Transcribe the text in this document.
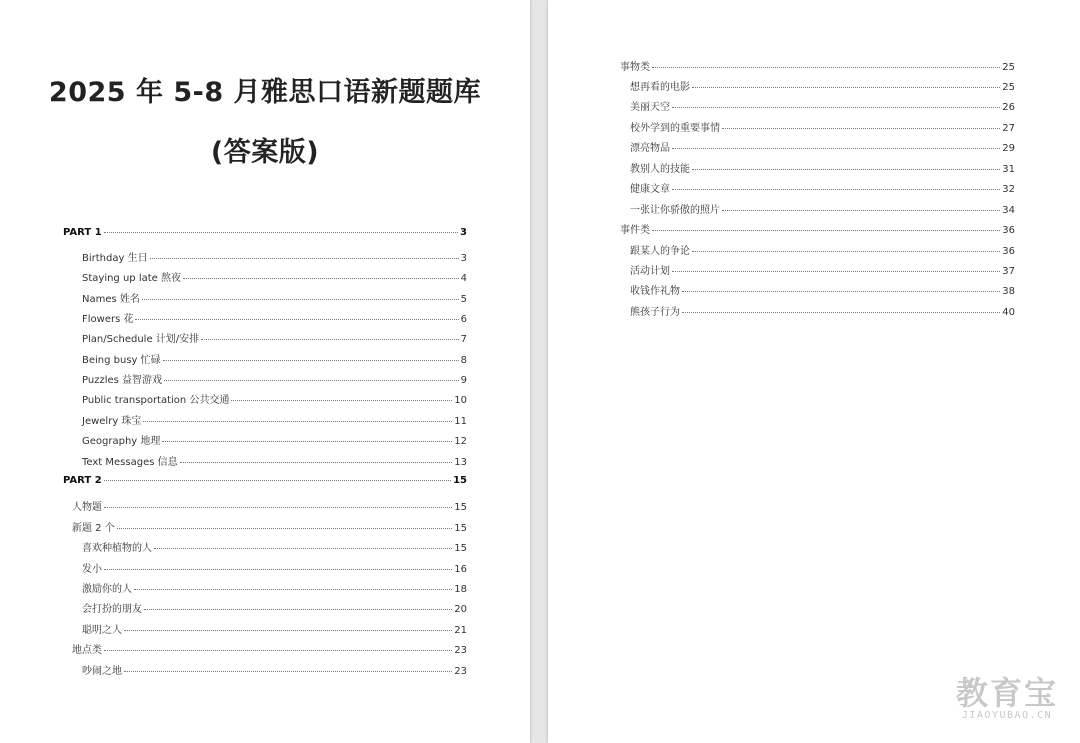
2025 年 5-8 月雅思口语新题题库
(答案版)
PART 1	3
Birthday 生日	3
Staying up late 熬夜	4
Names 姓名	5
Flowers 花	6
Plan/Schedule 计划/安排	7
Being busy 忙碌	8
Puzzles 益智游戏	9
Public transportation 公共交通	10
Jewelry 珠宝	11
Geography 地理	12
Text Messages 信息	13
PART 2	15
人物题	15
新题 2 个	15
喜欢种植物的人	15
发小	16
激励你的人	18
会打扮的朋友	20
聪明之人	21
地点类	23
吵闹之地	23
事物类	25
想再看的电影	25
美丽天空	26
校外学到的重要事情	27
漂亮物品	29
教别人的技能	31
健康文章	32
一张让你骄傲的照片	34
事件类	36
跟某人的争论	36
活动计划	37
收钱作礼物	38
熊孩子行为	40
教育宝
JIAOYUBAO.CN
